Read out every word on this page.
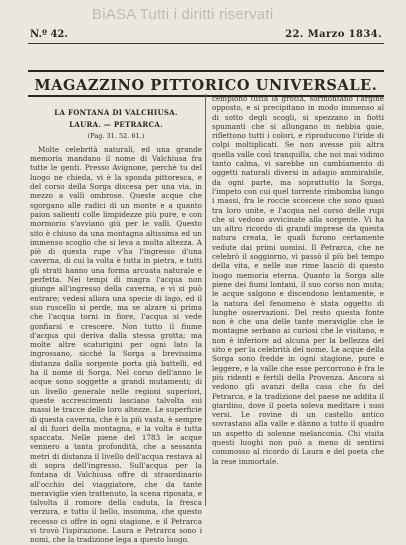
BiASA Tutti i diritti riservati
N.º 42.	22. Marzo 1834.
MAGAZZINO PITTORICO UNIVERSALE.
LA FONTANA DI VALCHIUSA.
LAURA. — PETRARCA.
(Pag. 31. 52. 61.)

Molte celebrità naturali, ed una grande memoria mandano il nome di Valchiusa fra tutte le genti. Presso Avignone, perchè tu del luogo ne chieda, vi è la sponda pittoresca, e del corso della Sorga discesa per una via, in mezzo a valli ombrose. Queste acque che sgorgano alle radici di un monte e a quanto paion salienti colle limpidezze più pure, e con mormorio s'avviano giù per le valli. Questo sito è chiuso da una montagna altissima ed un immenso scoglio che si leva a molta altezza. A piè di questa rupe v'ha l'ingresso d'una caverna, di cui la volta è tutta in pietra, e tutti gli strati hanno una forma arcuata naturale e perfetta. Nei tempi di magra l'acqua non giunge all'ingresso della caverna, e vi si può entrare; vedesi allora una specie di lago, ed il suo ruscello si perde, ma se alzare si prima che l'acqua torni in fiore, l'acqua si vede gonfiarsi e crescere. Non tutto il fiume d'acqua qui deriva dalla stessa grotta; ma molte altre scaturigini per ogni lato la ingrossano, sicché la Sorga a brevissima distanza dalla sorgente porta già battelli, ed ha il nome di Sorga. Nel corso dell'anno le acque sono soggette a grandi mutamenti; di un livello generale nelle regioni superiori, queste accrescimenti lasciano talvolta sui massi le tracce delle loro altezze. Le superficie di questa caverna, che è la più vasta, è sempre al di fuori della montagna, e la volta è tutta spaccata. Nelle piene del 1783 le acque vennero a tanta profondità, che a sessanta metri di distanza il livello dell'acqua restava al di sopra dell'ingresso. Sull'acqua per la fontana di Valchiusa offre di straordinario all'occhio del viaggiatore, che da tante meraviglie vien trattenuto, la scena riposata, e talvolta il romore della caduta, la fresca verzura, e tutto il bello, insomma, che questo recesso ci offre in ogni stagione, e il Petrarca vi trovò l'ispirazione. Laura e Petrarca sono i nomi, che la tradizione lega a questo luogo.

cempiono tutta la grotta, sormontano l'argine opposto, e si precipitano in modo immenso al di sotto degli scogli, si spezzano in fiotti spumanti che si allungano in nebbia gaie, riflettono tutti i colori, e riproducono l'iride di colpi moltiplicati. Se non avesse più altra quella valle così tranquilla, che noi mai vidimo tanto calma, vi sarebbe un cambiamento di oggetti naturali diversi in adagio ammirabile, da ogni parte, ma soprattutto la Sorga, l'impeto con cui quel torrente rimbomba lungo i massi, fra le roccie scoscese che sono quasi tra loro unite, e l'acqua nel corso delle rupi che si vedono avvicinate alla sorgente. Vi ha un altro ricordo di grandi imprese da questa natura creata, le quali furono certamente vedute dai primi uomini. Il Petrarca, che ne celebrò il soggiorno, vi passò il più bel tempo della vita, e nelle sue rime lasciò di questo luogo memoria eterna. Quanto la Sorga alle piene dei fiumi lontani, il suo corso non muta; le acque salgono e discendono lentamente, e la natura del fenomeno è stata oggetto di lunghe osservazioni. Del resto questa fonte non è che una delle tante meraviglie che le montagne serbano ai curiosi che le visitano, e non è inferiore ad alcuna per la bellezza del sito e per la celebrità del nome. Le acque della Sorga sono fredde in ogni stagione, pure e leggere, e la valle che esse percorrono è fra le più ridenti e fertili della Provenza. Ancora si vedono gli avanzi della casa che fu del Petrarca, e la tradizione del paese ne addita il giardino, dove il poeta soleva meditare i suoi versi. Le rovine di un castello antico sovrastano alla valle e dànno a tutto il quadro un aspetto di solenne melanconia. Chi visita questi luoghi non può a meno di sentirsi commosso al ricordo di Laura e del poeta che la rese immortale.
